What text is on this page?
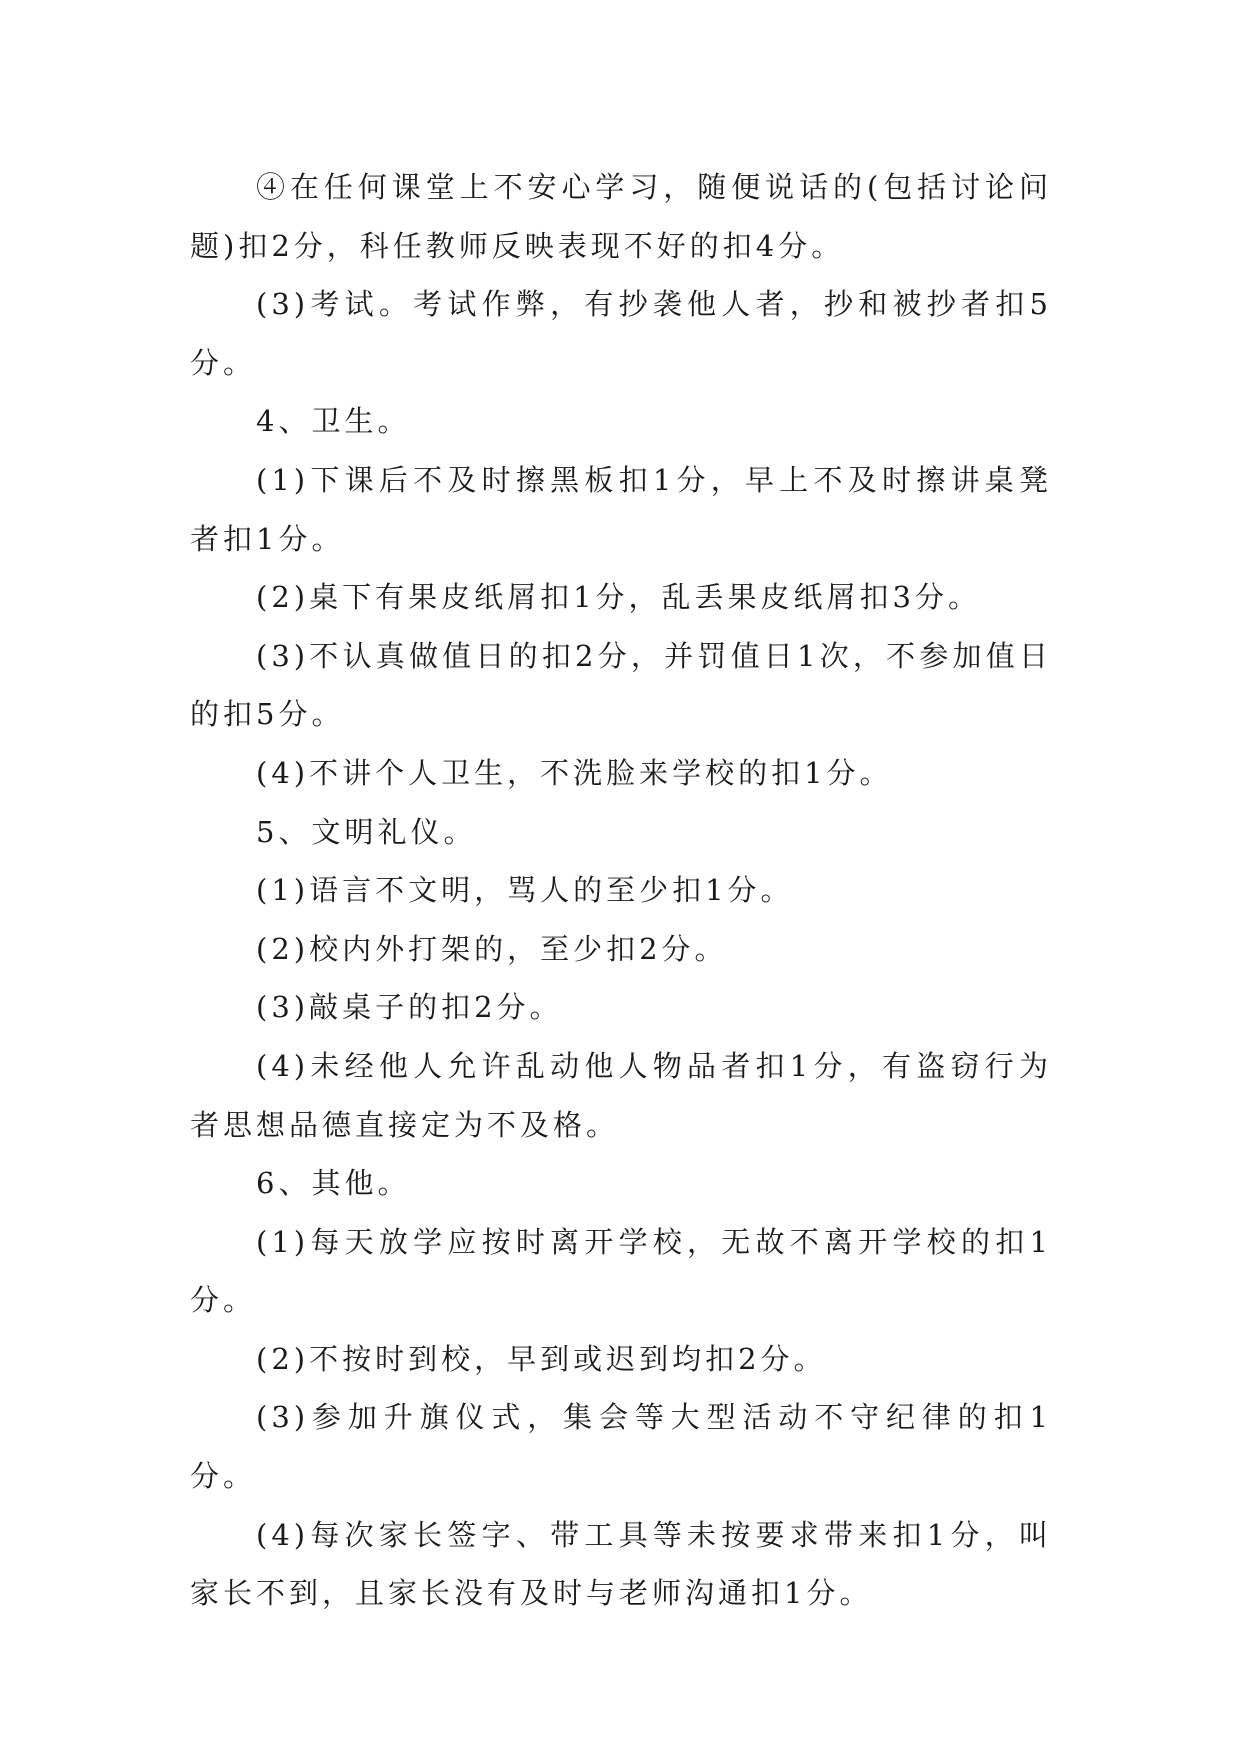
④在任何课堂上不安心学习，随便说话的(包括讨论问题)扣2分，科任教师反映表现不好的扣4分。

(3)考试。考试作弊，有抄袭他人者，抄和被抄者扣5分。

4、卫生。

(1)下课后不及时擦黑板扣1分，早上不及时擦讲桌凳者扣1分。

(2)桌下有果皮纸屑扣1分，乱丢果皮纸屑扣3分。

(3)不认真做值日的扣2分，并罚值日1次，不参加值日的扣5分。

(4)不讲个人卫生，不洗脸来学校的扣1分。

5、文明礼仪。

(1)语言不文明，骂人的至少扣1分。

(2)校内外打架的，至少扣2分。

(3)敲桌子的扣2分。

(4)未经他人允许乱动他人物品者扣1分，有盗窃行为者思想品德直接定为不及格。

6、其他。

(1)每天放学应按时离开学校，无故不离开学校的扣1分。

(2)不按时到校，早到或迟到均扣2分。

(3)参加升旗仪式，集会等大型活动不守纪律的扣1分。

(4)每次家长签字、带工具等未按要求带来扣1分，叫家长不到，且家长没有及时与老师沟通扣1分。
